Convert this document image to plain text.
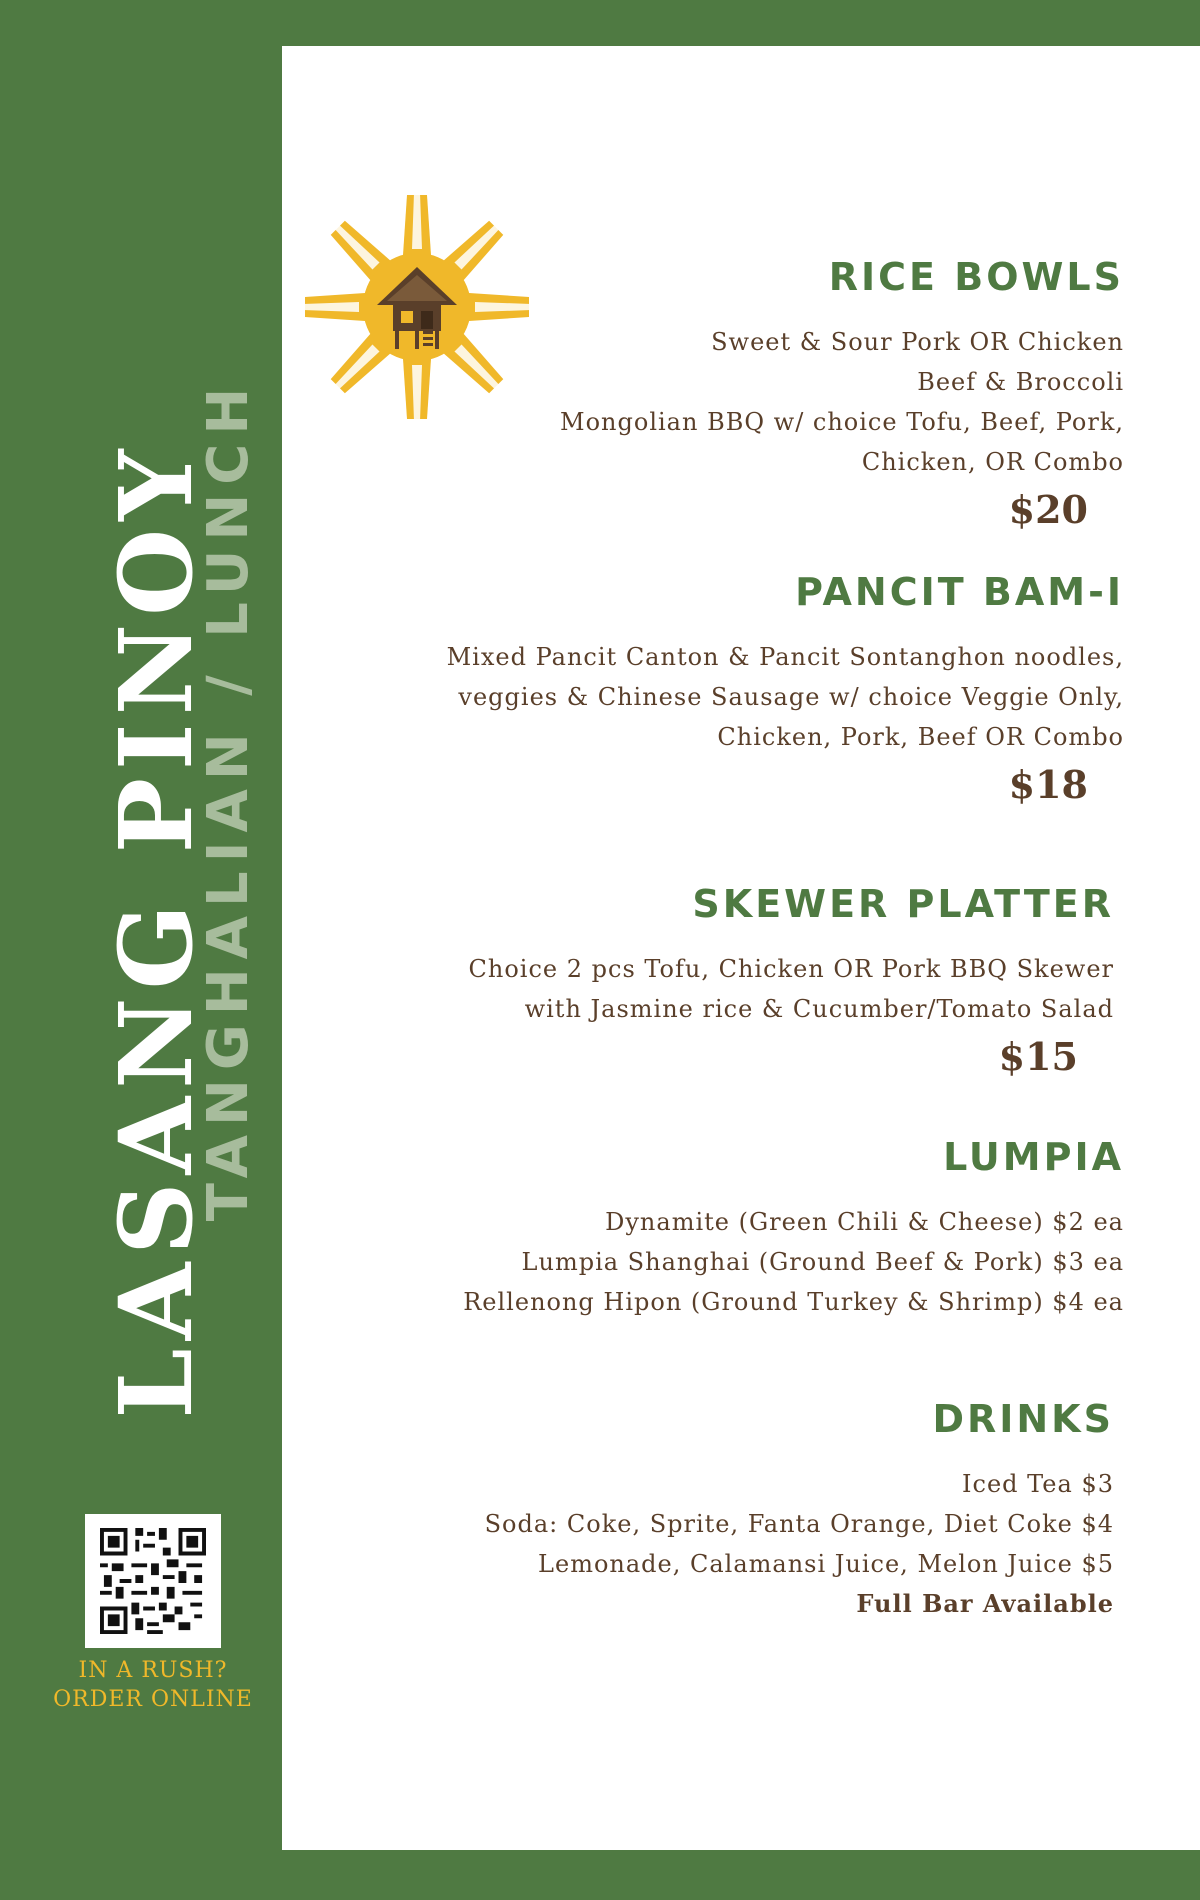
LASANG PINOY
TANGHALIAN / LUNCH
IN A RUSH?
ORDER ONLINE
RICE BOWLS
Sweet & Sour Pork OR Chicken
Beef & Broccoli
Mongolian BBQ w/ choice Tofu, Beef, Pork,
Chicken, OR Combo
$20
PANCIT BAM-I
Mixed Pancit Canton & Pancit Sontanghon noodles,
veggies & Chinese Sausage w/ choice Veggie Only,
Chicken, Pork, Beef OR Combo
$18
SKEWER PLATTER
Choice 2 pcs Tofu, Chicken OR Pork BBQ Skewer
with Jasmine rice & Cucumber/Tomato Salad
$15
LUMPIA
Dynamite (Green Chili & Cheese) $2 ea
Lumpia Shanghai (Ground Beef & Pork) $3 ea
Rellenong Hipon (Ground Turkey & Shrimp) $4 ea
DRINKS
Iced Tea $3
Soda: Coke, Sprite, Fanta Orange, Diet Coke $4
Lemonade, Calamansi Juice, Melon Juice $5
Full Bar Available
